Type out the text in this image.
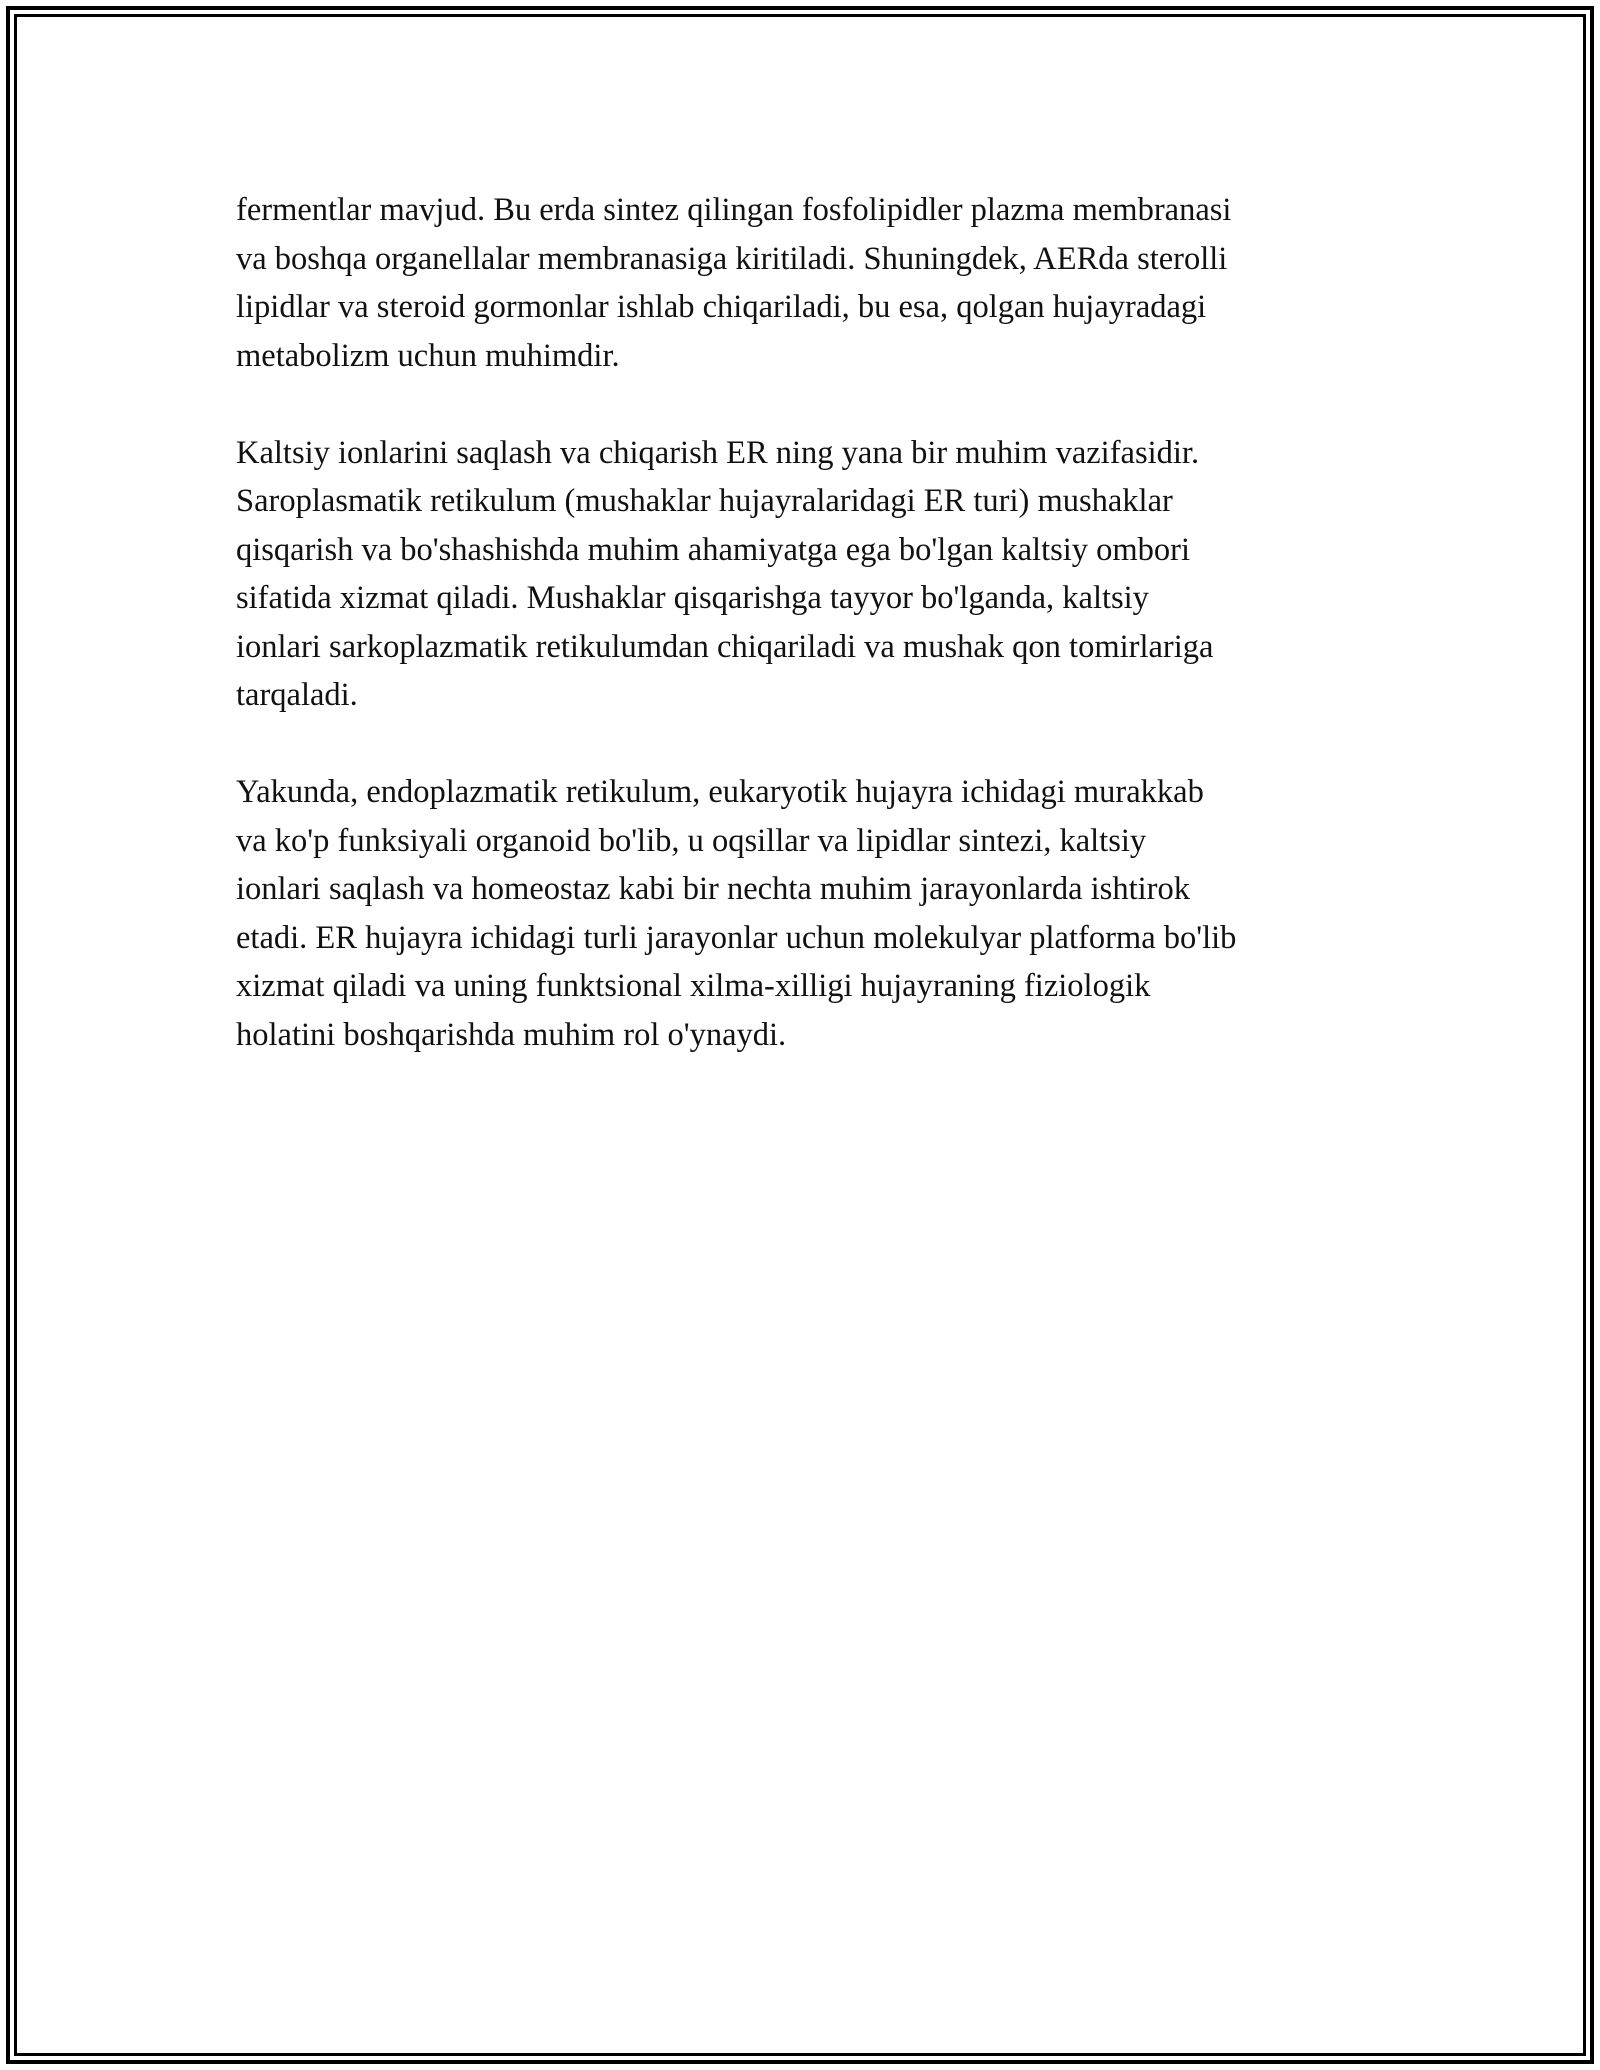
fermentlar mavjud. Bu erda sintez qilingan fosfolipidler plazma membranasi
va boshqa organellalar membranasiga kiritiladi. Shuningdek, AERda sterolli
lipidlar va steroid gormonlar ishlab chiqariladi, bu esa, qolgan hujayradagi
metabolizm uchun muhimdir.

Kaltsiy ionlarini saqlash va chiqarish ER ning yana bir muhim vazifasidir.
Saroplasmatik retikulum (mushaklar hujayralaridagi ER turi) mushaklar
qisqarish va bo'shashishda muhim ahamiyatga ega bo'lgan kaltsiy ombori
sifatida xizmat qiladi. Mushaklar qisqarishga tayyor bo'lganda, kaltsiy
ionlari sarkoplazmatik retikulumdan chiqariladi va mushak qon tomirlariga
tarqaladi.

Yakunda, endoplazmatik retikulum, eukaryotik hujayra ichidagi murakkab
va ko'p funksiyali organoid bo'lib, u oqsillar va lipidlar sintezi, kaltsiy
ionlari saqlash va homeostaz kabi bir nechta muhim jarayonlarda ishtirok
etadi. ER hujayra ichidagi turli jarayonlar uchun molekulyar platforma bo'lib
xizmat qiladi va uning funktsional xilma-xilligi hujayraning fiziologik
holatini boshqarishda muhim rol o'ynaydi.
